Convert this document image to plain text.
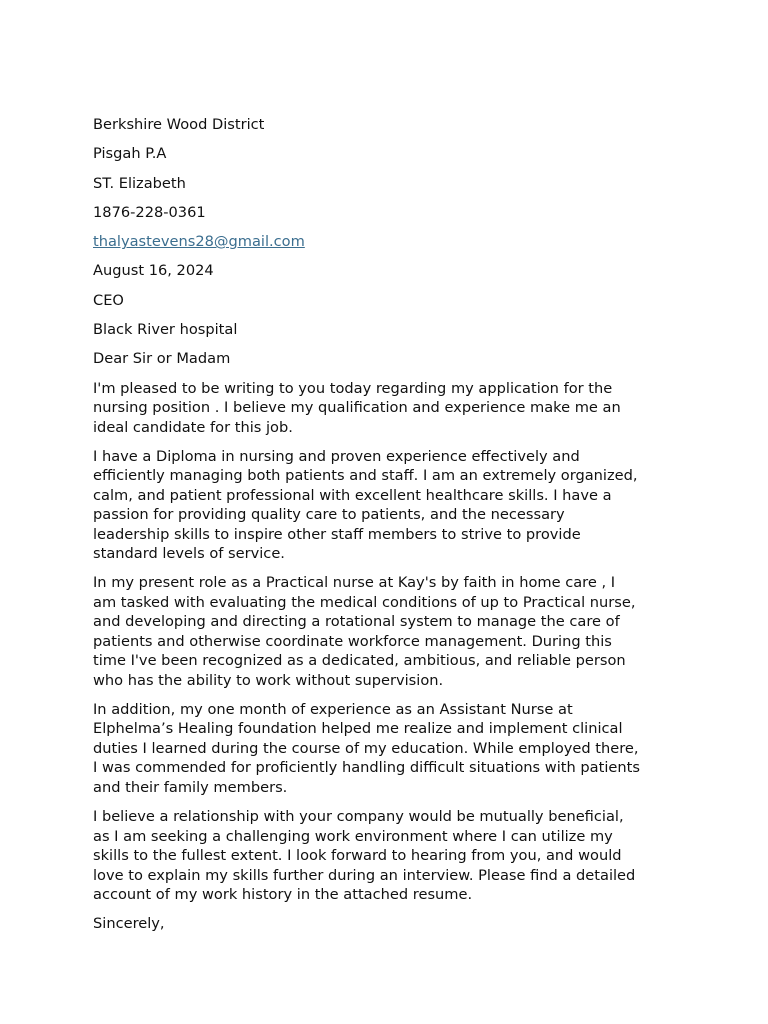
Berkshire Wood District
Pisgah P.A
ST. Elizabeth
1876-228-0361
thalyastevens28@gmail.com
August 16, 2024
CEO
Black River hospital
Dear Sir or Madam
I'm pleased to be writing to you today regarding my application for the
nursing position . I believe my qualification and experience make me an
ideal candidate for this job.
I have a Diploma in nursing and proven experience effectively and
efficiently managing both patients and staff. I am an extremely organized,
calm, and patient professional with excellent healthcare skills. I have a
passion for providing quality care to patients, and the necessary
leadership skills to inspire other staff members to strive to provide
standard levels of service.
In my present role as a Practical nurse at Kay's by faith in home care , I
am tasked with evaluating the medical conditions of up to Practical nurse,
and developing and directing a rotational system to manage the care of
patients and otherwise coordinate workforce management. During this
time I've been recognized as a dedicated, ambitious, and reliable person
who has the ability to work without supervision.
In addition, my one month of experience as an Assistant Nurse at
Elphelma’s Healing foundation helped me realize and implement clinical
duties I learned during the course of my education. While employed there,
I was commended for proficiently handling difficult situations with patients
and their family members.
I believe a relationship with your company would be mutually beneficial,
as I am seeking a challenging work environment where I can utilize my
skills to the fullest extent. I look forward to hearing from you, and would
love to explain my skills further during an interview. Please find a detailed
account of my work history in the attached resume.
Sincerely,
